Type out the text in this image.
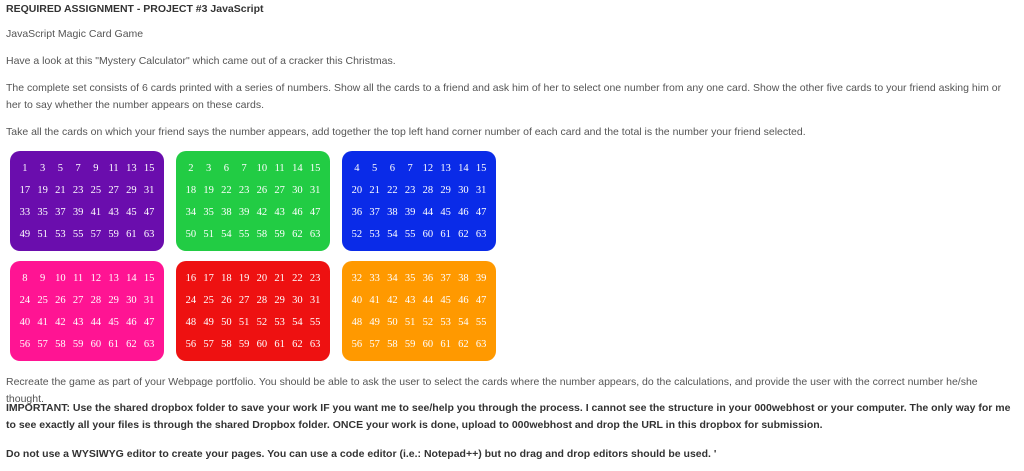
REQUIRED ASSIGNMENT - PROJECT #3 JavaScript

JavaScript Magic Card Game

Have a look at this "Mystery Calculator" which came out of a cracker this Christmas.

The complete set consists of 6 cards printed with a series of numbers. Show all the cards to a friend and ask him of her to select one number from any one card. Show the other five cards to your friend asking him or her to say whether the number appears on these cards.

Take all the cards on which your friend says the number appears, add together the top left hand corner number of each card and the total is the number your friend selected.

1	3	5	7	9 11 13 15
17 19 21 23 25 27 29 31
33 35 37 39 41 43 45 47
49 51 53 55 57 59 61 63
2	3	6	7 10 11 14 15
18 19 22 23 26 27 30 31
34 35 38 39 42 43 46 47
50 51 54 55 58 59 62 63
4	5	6	7 12 13 14 15
20 21 22 23 28 29 30 31
36 37 38 39 44 45 46 47
52 53 54 55 60 61 62 63
8	9 10 11 12 13 14 15
24 25 26 27 28 29 30 31
40 41 42 43 44 45 46 47
56 57 58 59 60 61 62 63
16 17 18 19 20 21 22 23
24 25 26 27 28 29 30 31
48 49 50 51 52 53 54 55
56 57 58 59 60 61 62 63
32 33 34 35 36 37 38 39
40 41 42 43 44 45 46 47
48 49 50 51 52 53 54 55
56 57 58 59 60 61 62 63

Recreate the game as part of your Webpage portfolio. You should be able to ask the user to select the cards where the number appears, do the calculations, and provide the user with the correct number he/she thought.

IMPORTANT: Use the shared dropbox folder to save your work IF you want me to see/help you through the process. I cannot see the structure in your 000webhost or your computer. The only way for me to see exactly all your files is through the shared Dropbox folder. ONCE your work is done, upload to 000webhost and drop the URL in this dropbox for submission.

Do not use a WYSIWYG editor to create your pages. You can use a code editor (i.e.: Notepad++) but no drag and drop editors should be used. '
